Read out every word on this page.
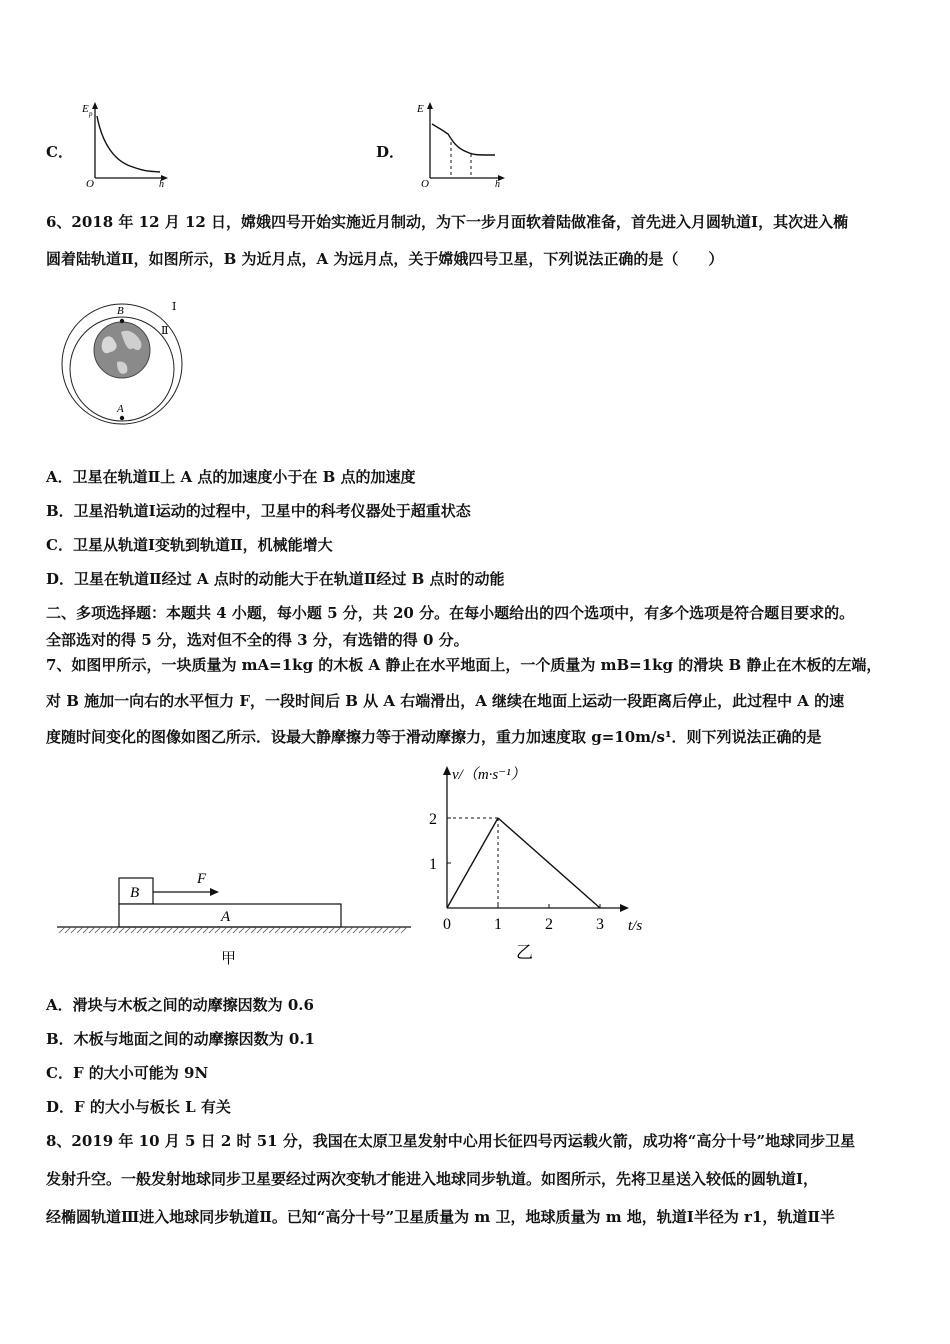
C．
E p
O	h
D．
E
O	h
6、2018 年 12 月 12 日，嫦娥四号开始实施近月制动，为下一步月面软着陆做准备，首先进入月圆轨道Ⅰ，其次进入椭
圆着陆轨道Ⅱ，如图所示，B 为近月点，A 为远月点，关于嫦娥四号卫星，下列说法正确的是（　　）
B
A
Ⅰ
Ⅱ
A．卫星在轨道Ⅱ上 A 点的加速度小于在 B 点的加速度
B．卫星沿轨道Ⅰ运动的过程中，卫星中的科考仪器处于超重状态
C．卫星从轨道Ⅰ变轨到轨道Ⅱ，机械能增大
D．卫星在轨道Ⅱ经过 A 点时的动能大于在轨道Ⅱ经过 B 点时的动能
二、多项选择题：本题共 4 小题，每小题 5 分，共 20 分。在每小题给出的四个选项中，有多个选项是符合题目要求的。
全部选对的得 5 分，选对但不全的得 3 分，有选错的得 0 分。
7、如图甲所示，一块质量为 mA=1kg 的木板 A 静止在水平地面上，一个质量为 mB=1kg 的滑块 B 静止在木板的左端，
对 B 施加一向右的水平恒力 F，一段时间后 B 从 A 右端滑出，A 继续在地面上运动一段距离后停止，此过程中 A 的速
度随时间变化的图像如图乙所示．设最大静摩擦力等于滑动摩擦力，重力加速度取 g=10m/s¹．则下列说法正确的是
B
F
A
甲
v/（m·s⁻¹）
t/s
乙
0	1	2	3
1
2
A．滑块与木板之间的动摩擦因数为 0.6
B．木板与地面之间的动摩擦因数为 0.1
C．F 的大小可能为 9N
D．F 的大小与板长 L 有关
8、2019 年 10 月 5 日 2 时 51 分，我国在太原卫星发射中心用长征四号丙运载火箭，成功将“高分十号”地球同步卫星
发射升空。一般发射地球同步卫星要经过两次变轨才能进入地球同步轨道。如图所示，先将卫星送入较低的圆轨道Ⅰ，
经椭圆轨道Ⅲ进入地球同步轨道Ⅱ。已知“高分十号”卫星质量为 m 卫，地球质量为 m 地，轨道Ⅰ半径为 r1，轨道Ⅱ半
